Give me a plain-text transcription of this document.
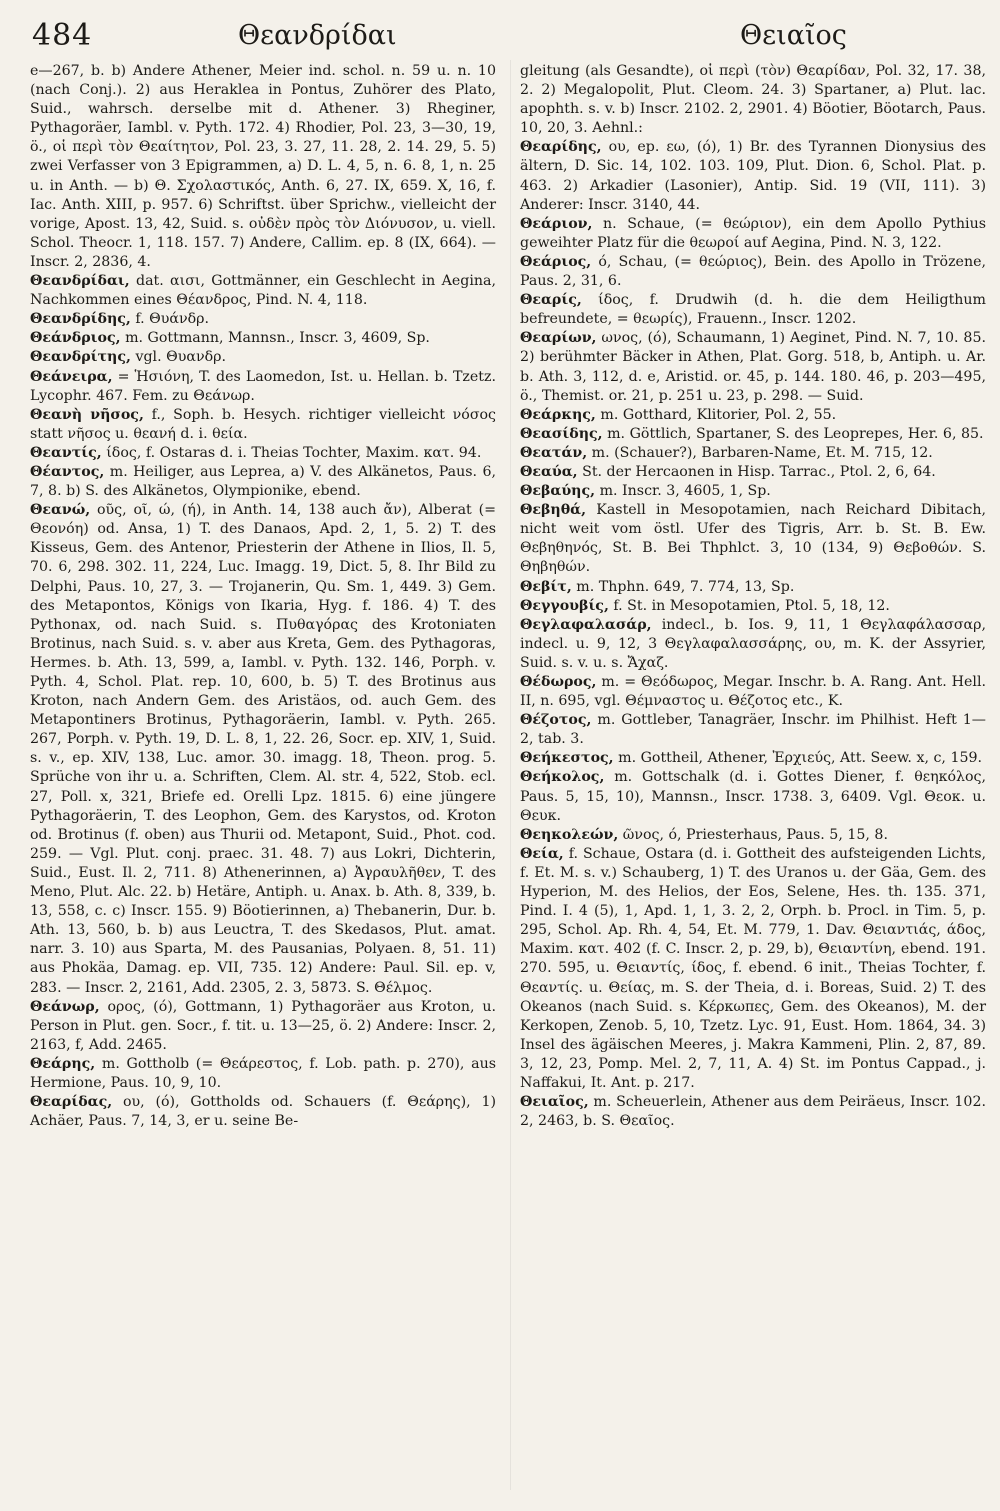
484	Θεανδρίδαι	Θειαῖος

e—267, b. b) Andere Athener, Meier ind. schol. n. 59 u. n. 10 (nach Conj.). 2) aus Heraklea in Pontus, Zuhörer des Plato, Suid., wahrsch. derselbe mit d. Athener. 3) Rheginer, Pythagoräer, Iambl. v. Pyth. 172. 4) Rhodier, Pol. 23, 3—30, 19, ö., οἱ περὶ τὸν Θεαίτητον, Pol. 23, 3. 27, 11. 28, 2. 14. 29, 5. 5) zwei Verfasser von 3 Epigrammen, a) D. L. 4, 5, n. 6. 8, 1, n. 25 u. in Anth. — b) Θ. Σχολαστικός, Anth. 6, 27. IX, 659. X, 16, f. Iac. Anth. XIII, p. 957. 6) Schriftst. über Sprichw., vielleicht der vorige, Apost. 13, 42, Suid. s. οὐδὲν πρὸς τὸν Διόνυσον, u. viell. Schol. Theocr. 1, 118. 157. 7) Andere, Callim. ep. 8 (IX, 664). — Inscr. 2, 2836, 4.

Θεανδρίδαι, dat. αισι, Gottmänner, ein Geschlecht in Aegina, Nachkommen eines Θέανδρος, Pind. N. 4, 118.

Θεανδρίδης, f. Θυάνδρ.

Θεάνδριος, m. Gottmann, Mannsn., Inscr. 3, 4609, Sp.

Θεανδρίτης, vgl. Θυανδρ.

Θεάνειρα, = Ἡσιόνη, T. des Laomedon, Ist. u. Hellan. b. Tzetz. Lycophr. 467. Fem. zu Θεάνωρ.

Θεανὴ νῆσος, f., Soph. b. Hesych. richtiger vielleicht νόσος statt νῆσος u. θεανή d. i. θεία.

Θεαντίς, ίδος, f. Ostaras d. i. Theias Tochter, Maxim. κατ. 94.

Θέαντος, m. Heiliger, aus Leprea, a) V. des Alkänetos, Paus. 6, 7, 8. b) S. des Alkänetos, Olympionike, ebend.

Θεανώ, οῦς, οῖ, ώ, (ή), in Anth. 14, 138 auch ἄν), Alberat (= Θεονόη) od. Ansa, 1) T. des Danaos, Apd. 2, 1, 5. 2) T. des Kisseus, Gem. des Antenor, Priesterin der Athene in Ilios, Il. 5, 70. 6, 298. 302. 11, 224, Luc. Imagg. 19, Dict. 5, 8. Ihr Bild zu Delphi, Paus. 10, 27, 3. — Trojanerin, Qu. Sm. 1, 449. 3) Gem. des Metapontos, Königs von Ikaria, Hyg. f. 186. 4) T. des Pythonax, od. nach Suid. s. Πυθαγόρας des Krotoniaten Brotinus, nach Suid. s. v. aber aus Kreta, Gem. des Pythagoras, Hermes. b. Ath. 13, 599, a, Iambl. v. Pyth. 132. 146, Porph. v. Pyth. 4, Schol. Plat. rep. 10, 600, b. 5) T. des Brotinus aus Kroton, nach Andern Gem. des Aristäos, od. auch Gem. des Metapontiners Brotinus, Pythagoräerin, Iambl. v. Pyth. 265. 267, Porph. v. Pyth. 19, D. L. 8, 1, 22. 26, Socr. ep. XIV, 1, Suid. s. v., ep. XIV, 138, Luc. amor. 30. imagg. 18, Theon. prog. 5. Sprüche von ihr u. a. Schriften, Clem. Al. str. 4, 522, Stob. ecl. 27, Poll. x, 321, Briefe ed. Orelli Lpz. 1815. 6) eine jüngere Pythagoräerin, T. des Leophon, Gem. des Karystos, od. Kroton od. Brotinus (f. oben) aus Thurii od. Metapont, Suid., Phot. cod. 259. — Vgl. Plut. conj. praec. 31. 48. 7) aus Lokri, Dichterin, Suid., Eust. Il. 2, 711. 8) Athenerinnen, a) Ἀγραυλῆθεν, T. des Meno, Plut. Alc. 22. b) Hetäre, Antiph. u. Anax. b. Ath. 8, 339, b. 13, 558, c. c) Inscr. 155. 9) Böotierinnen, a) Thebanerin, Dur. b. Ath. 13, 560, b. b) aus Leuctra, T. des Skedasos, Plut. amat. narr. 3. 10) aus Sparta, M. des Pausanias, Polyaen. 8, 51. 11) aus Phokäa, Damag. ep. VII, 735. 12) Andere: Paul. Sil. ep. v, 283. — Inscr. 2, 2161, Add. 2305, 2. 3, 5873. S. Θέλμος.

Θεάνωρ, ορος, (ό), Gottmann, 1) Pythagoräer aus Kroton, u. Person in Plut. gen. Socr., f. tit. u. 13—25, ö. 2) Andere: Inscr. 2, 2163, f, Add. 2465.

Θεάρης, m. Gottholb (= Θεάρεστος, f. Lob. path. p. 270), aus Hermione, Paus. 10, 9, 10.

Θεαρίδας, ου, (ό), Gottholds od. Schauers (f. Θεάρης), 1) Achäer, Paus. 7, 14, 3, er u. seine Be-

gleitung (als Gesandte), οἱ περὶ (τὸν) Θεαρίδαν, Pol. 32, 17. 38, 2. 2) Megalopolit, Plut. Cleom. 24. 3) Spartaner, a) Plut. lac. apophth. s. v. b) Inscr. 2102. 2, 2901. 4) Böotier, Böotarch, Paus. 10, 20, 3. Aehnl.:

Θεαρίδης, ου, ep. εω, (ό), 1) Br. des Tyrannen Dionysius des ältern, D. Sic. 14, 102. 103. 109, Plut. Dion. 6, Schol. Plat. p. 463. 2) Arkadier (Lasonier), Antip. Sid. 19 (VII, 111). 3) Anderer: Inscr. 3140, 44.

Θεάριον, n. Schaue, (= θεώριον), ein dem Apollo Pythius geweihter Platz für die θεωροί auf Aegina, Pind. N. 3, 122.

Θεάριος, ό, Schau, (= θεώριος), Bein. des Apollo in Trözene, Paus. 2, 31, 6.

Θεαρίς, ίδος, f. Drudwih (d. h. die dem Heiligthum befreundete, = θεωρίς), Frauenn., Inscr. 1202.

Θεαρίων, ωνος, (ό), Schaumann, 1) Aeginet, Pind. N. 7, 10. 85. 2) berühmter Bäcker in Athen, Plat. Gorg. 518, b, Antiph. u. Ar. b. Ath. 3, 112, d. e, Aristid. or. 45, p. 144. 180. 46, p. 203—495, ö., Themist. or. 21, p. 251 u. 23, p. 298. — Suid.

Θεάρκης, m. Gotthard, Klitorier, Pol. 2, 55.

Θεασίδης, m. Göttlich, Spartaner, S. des Leoprepes, Her. 6, 85.

Θεατάν, m. (Schauer?), Barbaren-Name, Et. M. 715, 12.

Θεαύα, St. der Hercaonen in Hisp. Tarrac., Ptol. 2, 6, 64.

Θεβαύης, m. Inscr. 3, 4605, 1, Sp.

Θεβηθά, Kastell in Mesopotamien, nach Reichard Dibitach, nicht weit vom östl. Ufer des Tigris, Arr. b. St. B. Ew. Θεβηθηνός, St. B. Bei Thphlct. 3, 10 (134, 9) Θεβοθών. S. Θηβηθών.

Θεβίτ, m. Thphn. 649, 7. 774, 13, Sp.

Θεγγουβίς, f. St. in Mesopotamien, Ptol. 5, 18, 12.

Θεγλαφαλασάρ, indecl., b. Ios. 9, 11, 1 Θεγλαφάλασσαρ, indecl. u. 9, 12, 3 Θεγλαφαλασσάρης, ου, m. K. der Assyrier, Suid. s. v. u. s. Ἄχαζ.

Θέδωρος, m. = Θεόδωρος, Megar. Inschr. b. A. Rang. Ant. Hell. II, n. 695, vgl. Θέμναστος u. Θέζοτος etc., K.

Θέζοτος, m. Gottleber, Tanagräer, Inschr. im Philhist. Heft 1—2, tab. 3.

Θεήκεστος, m. Gottheil, Athener, Ἐρχιεύς, Att. Seew. x, c, 159.

Θεήκολος, m. Gottschalk (d. i. Gottes Diener, f. θεηκόλος, Paus. 5, 15, 10), Mannsn., Inscr. 1738. 3, 6409. Vgl. Θεοκ. u. Θευκ.

Θεηκολεών, ῶνος, ό, Priesterhaus, Paus. 5, 15, 8.

Θεία, f. Schaue, Ostara (d. i. Gottheit des aufsteigenden Lichts, f. Et. M. s. v.) Schauberg, 1) T. des Uranos u. der Gäa, Gem. des Hyperion, M. des Helios, der Eos, Selene, Hes. th. 135. 371, Pind. I. 4 (5), 1, Apd. 1, 1, 3. 2, 2, Orph. b. Procl. in Tim. 5, p. 295, Schol. Ap. Rh. 4, 54, Et. M. 779, 1. Dav. Θειαντιάς, άδος, Maxim. κατ. 402 (f. C. Inscr. 2, p. 29, b), Θειαντίνη, ebend. 191. 270. 595, u. Θειαντίς, ίδος, f. ebend. 6 init., Theias Tochter, f. Θεαντίς. u. Θείας, m. S. der Theia, d. i. Boreas, Suid. 2) T. des Okeanos (nach Suid. s. Κέρκωπες, Gem. des Okeanos), M. der Kerkopen, Zenob. 5, 10, Tzetz. Lyc. 91, Eust. Hom. 1864, 34. 3) Insel des ägäischen Meeres, j. Makra Kammeni, Plin. 2, 87, 89. 3, 12, 23, Pomp. Mel. 2, 7, 11, A. 4) St. im Pontus Cappad., j. Naffakui, It. Ant. p. 217.

Θειαῖος, m. Scheuerlein, Athener aus dem Peiräeus, Inscr. 102. 2, 2463, b. S. Θεαῖος.
